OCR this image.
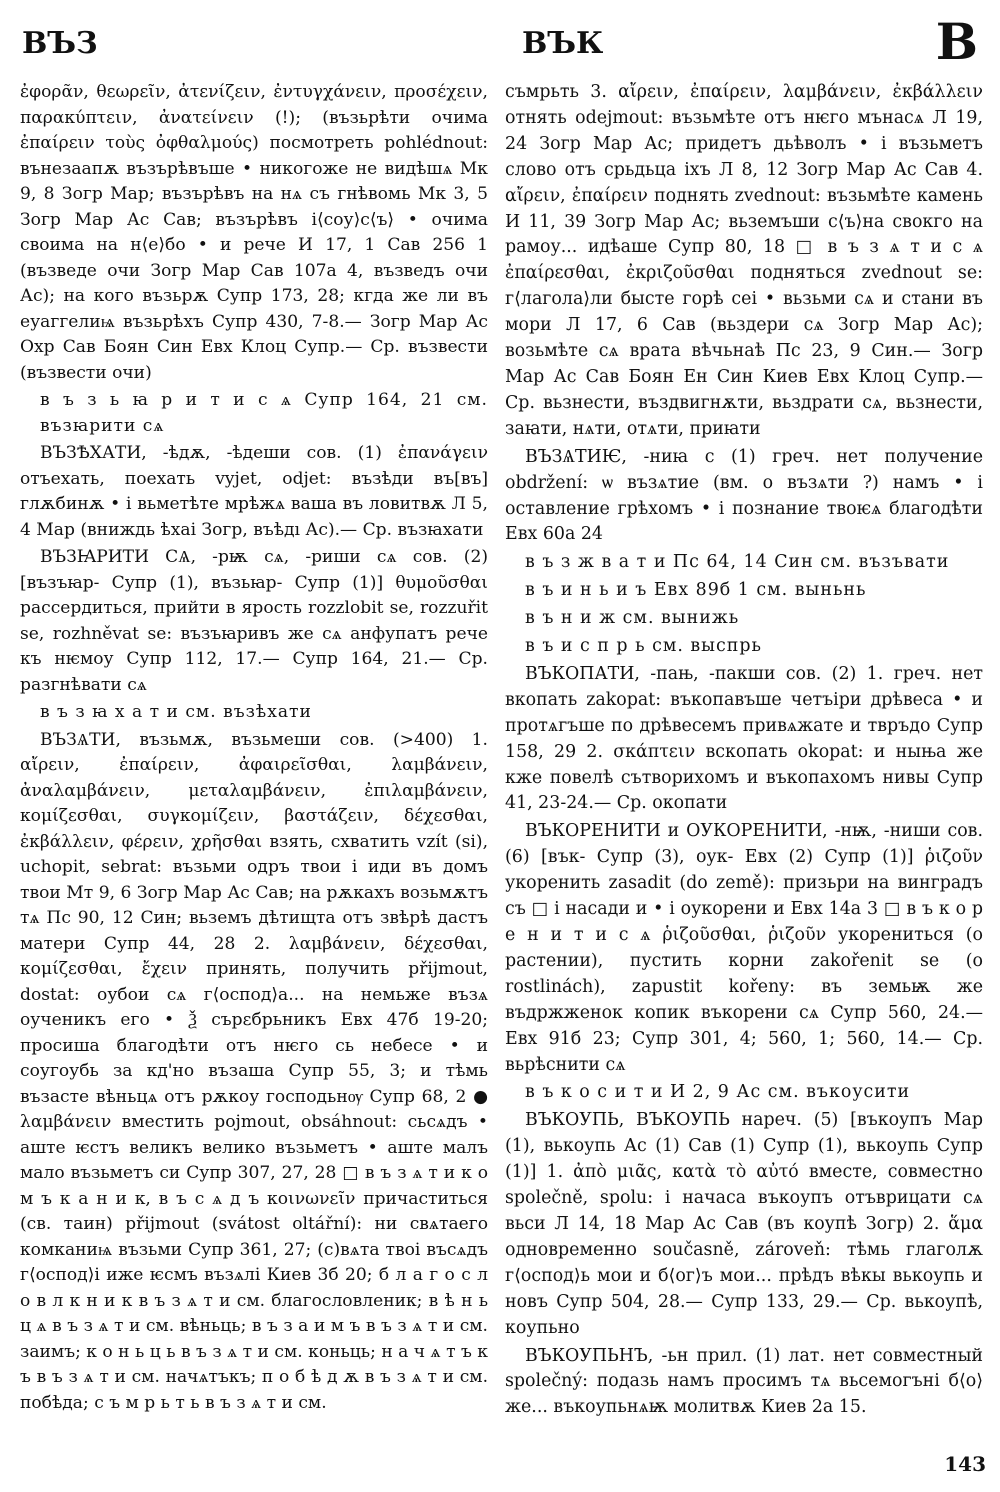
ВЪЗ	ВЪК	В

ἐφορᾶν, θεωρεῖν, ἀτενίζειν, ἐντυγχάνειν, προσέχειν, παρακύπτειν, ἀνατείνειν (!); (възьрѣти очима ἐπαίρειν τοὺς ὀφθαλμούς) посмотреть pohlédnout: вънезаапѫ възърѣвъше • никогоже не видѣшѧ Мк 9, 8 Зогр Мар; възърѣвъ на нѧ съ гнѣвомь Мк 3, 5 Зогр Мар Ас Сав; възърѣвъ і⟨соу⟩с⟨ъ⟩ • очима своима на н⟨е⟩бо • и рече И 17, 1 Сав 256 1 (възведе очи Зогр Мар Сав 107а 4, възведъ очи Ас); на кого възьрѫ Супр 173, 28; кгда же ли въ еуаггелиѩ възьрѣхъ Супр 430, 7-8.— Зогр Мар Ас Охр Сав Боян Син Евх Клоц Супр.— Ср. възвести (възвести очи)

в ъ з ь ꙗ р и т и с ѧ Супр 164, 21 см. възꙗрити сѧ

ВЪЗѢХАТИ, -ѣдѫ, -ѣдеши сов. (1) ἐπανάγειν отъехать, поехать vyjet, odjet: възѣди въ[въ] глѫбинѫ • і вьметѣте мрѣжѧ ваша въ ловитвѫ Л 5, 4 Мар (вниждь ѣхаі Зогр, въѣдı Ас).— Ср. възꙗхати

ВЪЗꙖРИТИ СѦ, -рѭ сѧ, -риши сѧ сов. (2) [възъꙗр- Супр (1), възьꙗр- Супр (1)] θυμοῦσθαι рассердиться, прийти в ярость rozzlobit se, rozzuřit se, rozhněvat se: възъꙗривъ же сѧ анфупатъ рече къ нѥмоу Супр 112, 17.— Супр 164, 21.— Ср. разгнѣвати сѧ

в ъ з ꙗ х а т и см. възѣхати

ВЪЗѦТИ, възьмѫ, възьмеши сов. (>400) 1. αἴρειν, ἐπαίρειν, ἀφαιρεῖσθαι, λαμβάνειν, ἀναλαμβάνειν, μεταλαμβάνειν, ἐπιλαμβάνειν, κομίζεσθαι, συγκομίζειν, βαστάζειν, δέχεσθαι, ἐκβάλλειν, φέρειν, χρῆσθαι взять, схватить vzít (si), uchopit, sebrat: възьми одръ твои і иди въ домъ твои Мт 9, 6 Зогр Мар Ас Сав; на рѫкахъ возьмѫтъ тѧ Пс 90, 12 Син; вьземъ дѣтищта отъ звѣрѣ дастъ матери Супр 44, 28 2. λαμβάνειν, δέχεσθαι, κομίζεσθαι, ἔχειν принять, получить přijmout, dostat: оубои сѧ г⟨оспод⟩а... на немьже възѧ оученикъ его • Ѯ сърεбрьникъ Евх 47б 19-20; просиша благодѣти отъ нѥго сь небесе • и соугоубь за кд'но възаша Супр 55, 3; и тѣмь възасте вѣньцѧ отъ рѫкоу господьнѹ Супр 68, 2 ● λαμβάνειν вместить pojmout, obsáhnout: сьсѧдъ • аште ѥстъ великъ велико възьметъ • аште малъ мало възьметъ си Супр 307, 27, 28 □ в ъ з ѧ т и к о м ъ к а н и к, в ъ с ѧ д ъ κοινωνεῖν причаститься (св. таин) přijmout (svátost oltářní): ни свѧтаего комканиѩ възьми Супр 361, 27; (с)вѧта твоі въсѧдъ г⟨оспод⟩і иже ѥсмъ възѧлі Киев 3б 20; б л а г о с л о в л к н и к в ъ з ѧ т и см. благословленик; в ѣ н ь ц ѧ в ъ з ѧ т и см. вѣньць; в ъ з а и м ъ в ъ з ѧ т и см. заимъ; к о н ь ц ь в ъ з ѧ т и см. коньць; н а ч ѧ т ъ к ъ в ъ з ѧ т и см. начѧтъкъ; п о б ѣ д ѫ в ъ з ѧ т и см. побѣда; с ъ м р ь т ь в ъ з ѧ т и см.

съмрьть 3. αἴρειν, ἐπαίρειν, λαμβάνειν, ἐκβάλλειν отнять odejmout: възьмѣте отъ нѥго мънасѧ Л 19, 24 Зогр Мар Ас; придетъ дьѣволъ • і възьметъ слово отъ срьдьца іхъ Л 8, 12 Зогр Мар Ас Сав 4. αἴρειν, ἐπαίρειν поднять zvednout: възьмѣте камень И 11, 39 Зогр Мар Ас; вьземъши с⟨ъ⟩на свокго на рамоу... идѣаше Супр 80, 18 □ в ъ з ѧ т и с ѧ ἐπαίρεσθαι, ἐκριζοῦσθαι подняться zvednout se: г⟨лагола⟩ли бысте горѣ сеі • вьзьми сѧ и стани въ мори Л 17, 6 Сав (вьздери сѧ Зогр Мар Ас); возьмѣте сѧ врата вѣчьнаѣ Пс 23, 9 Син.— Зогр Мар Ас Сав Боян Ен Син Киев Евх Клоц Супр.— Ср. вьзнести, въздвигнѫти, вьздрати сѧ, вьзнести, заꙗти, нѧти, отѧти, приꙗти

ВЪЗѦТИѤ, -ниꙗ с (1) греч. нет получение obdržení: ѡ възѧтие (вм. о възѧти ?) намъ • і оставление грѣхомъ • і познание твоѥѧ благодѣти Евх 60а 24

в ъ з ж в а т и Пс 64, 14 Син см. възъвати

в ъ и н ь и ъ Евх 89б 1 см. выньнь

в ъ н и ж см. вынижь

в ъ и с п р ь см. выспрь

ВЪКОПАТИ, -пањ, -пакши сов. (2) 1. греч. нет вкопать zakopat: въкопавъше четъіри дрѣвеса • и протѧгъше по дрѣвесемъ привѧжате и твръдо Супр 158, 29 2. σκάπτειν вскопать okopat: и ныња же кже повелѣ сътворихомъ и въкопахомъ нивы Супр 41, 23-24.— Ср. окопати

ВЪКОРЕНИТИ и ОУКОРЕНИТИ, -нѭ, -ниши сов. (6) [вък- Супр (3), оук- Евх (2) Супр (1)] ῥιζοῦν укоренить zasadit (do země): призьри на винградъ съ □ і насади и • і оукорени и Евх 14а 3 □ в ъ к о р е н и т и с ѧ ῥιζοῦσθαι, ῥιζοῦν укорениться (о растении), пустить корни zakořenit se (o rostlinách), zapustit kořeny: въ земьѭ же въдржженок копик въкорени сѧ Супр 560, 24.— Евх 91б 23; Супр 301, 4; 560, 1; 560, 14.— Ср. вьрѣснити сѧ

в ъ к о с и т и И 2, 9 Ас см. въкоусити

ВЪКОУПЬ, ВЪКОУПЬ нареч. (5) [въкоупъ Мар (1), вькоупь Ас (1) Сав (1) Супр (1), вькоупь Супр (1)] 1. ἀπὸ μιᾶς, κατὰ τὸ αὐτό вместе, совместно společně, spolu: і начаса въкоупъ отъврицати сѧ вьси Л 14, 18 Мар Ас Сав (въ коупѣ Зогр) 2. ἅμα одновременно současně, zároveň: тѣмь глаголѫ г⟨оспод⟩ь мои и б⟨ог⟩ъ мои... прѣдъ вѣкы вькоупь и новъ Супр 504, 28.— Супр 133, 29.— Ср. вькоупѣ, коупьно

ВЪКОУПЬНЪ, -ьн прил. (1) лат. нет совместный společný: подазь намъ просимъ тѧ вьсемогъні б⟨о⟩же... въкоупьнѧѭ молитвѫ Киев 2а 15.

143
